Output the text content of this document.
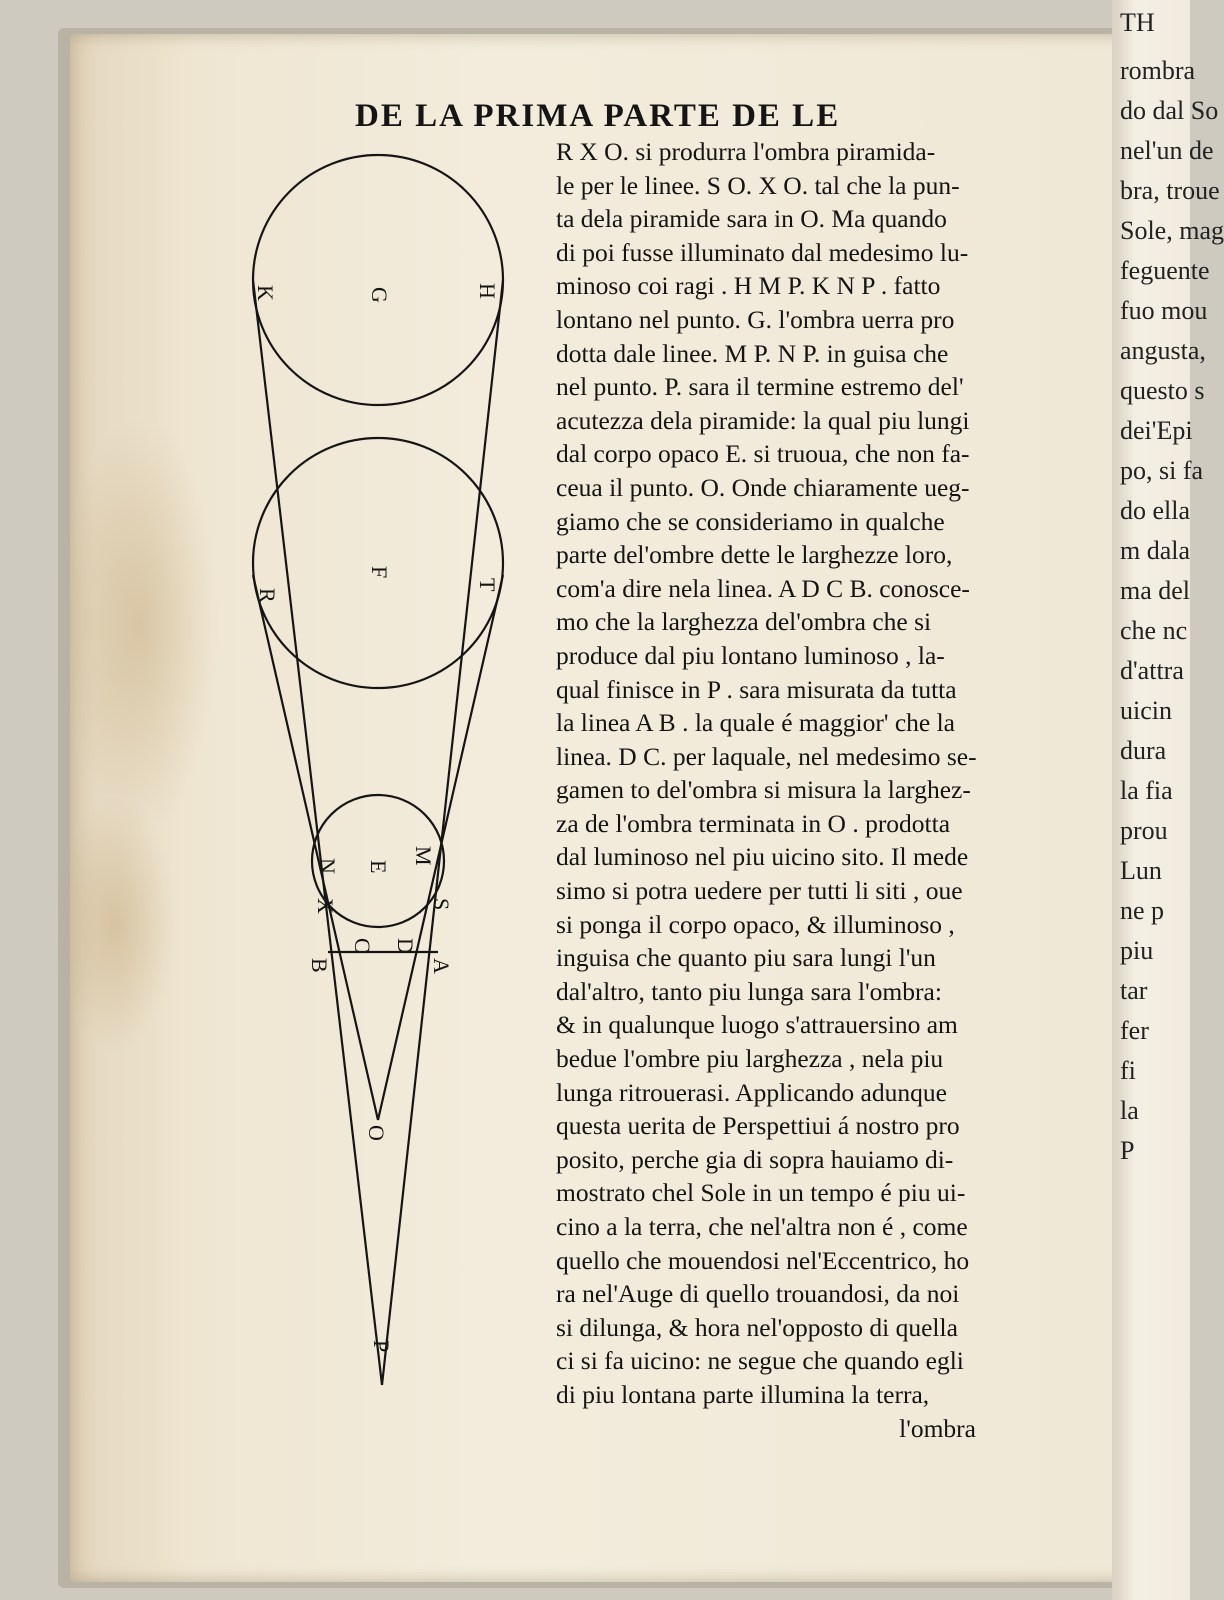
K	G	H
R
F
T
N
X
E
M
S
B
C D
A
O
P
DE LA PRIMA PARTE DE LE
R X O. si produrra l'ombra piramida-
le per le linee. S O. X O. tal che la pun-
ta dela piramide sara in O. Ma quando
di poi fusse illuminato dal medesimo lu-
minoso coi ragi . H M P. K N P . fatto
lontano nel punto. G. l'ombra uerra pro
dotta dale linee. M P. N P. in guisa che
nel punto. P. sara il termine estremo del'
acutezza dela piramide: la qual piu lungi
dal corpo opaco E. si truoua, che non fa-
ceua il punto. O. Onde chiaramente ueg-
giamo che se consideriamo in qualche
parte del'ombre dette le larghezze loro,
com'a dire nela linea. A D C B. conosce-
mo che la larghezza del'ombra che si
produce dal piu lontano luminoso , la-
qual finisce in P . sara misurata da tutta
la linea A B . la quale é maggior' che la
linea. D C. per laquale, nel medesimo se-
gamen to del'ombra si misura la larghez-
za de l'ombra terminata in O . prodotta
dal luminoso nel piu uicino sito. Il mede
simo si potra uedere per tutti li siti , oue
si ponga il corpo opaco, & illuminoso ,
inguisa che quanto piu sara lungi l'un
dal'altro, tanto piu lunga sara l'ombra:
& in qualunque luogo s'attrauersino am
bedue l'ombre piu larghezza , nela piu
lunga ritrouerasi. Applicando adunque
questa uerita de Perspettiui á nostro pro
posito, perche gia di sopra hauiamo di-
mostrato chel Sole in un tempo é piu ui-
cino a la terra, che nel'altra non é , come
quello che mouendosi nel'Eccentrico, ho
ra nel'Auge di quello trouandosi, da noi
si dilunga, & hora nel'opposto di quella
ci si fa uicino: ne segue che quando egli
di piu lontana parte illumina la terra,
l'ombra
TH
rombra
do dal So
nel'un de
bra, troue
Sole, mag
feguente
fuo mou
angusta,
questo s
dei'Epi
po, si fa
do ella
m dala
ma del
che nc
d'attra
uicin
dura
la fia
prou
Lun
ne p
piu
tar
fer
fi
la
P
